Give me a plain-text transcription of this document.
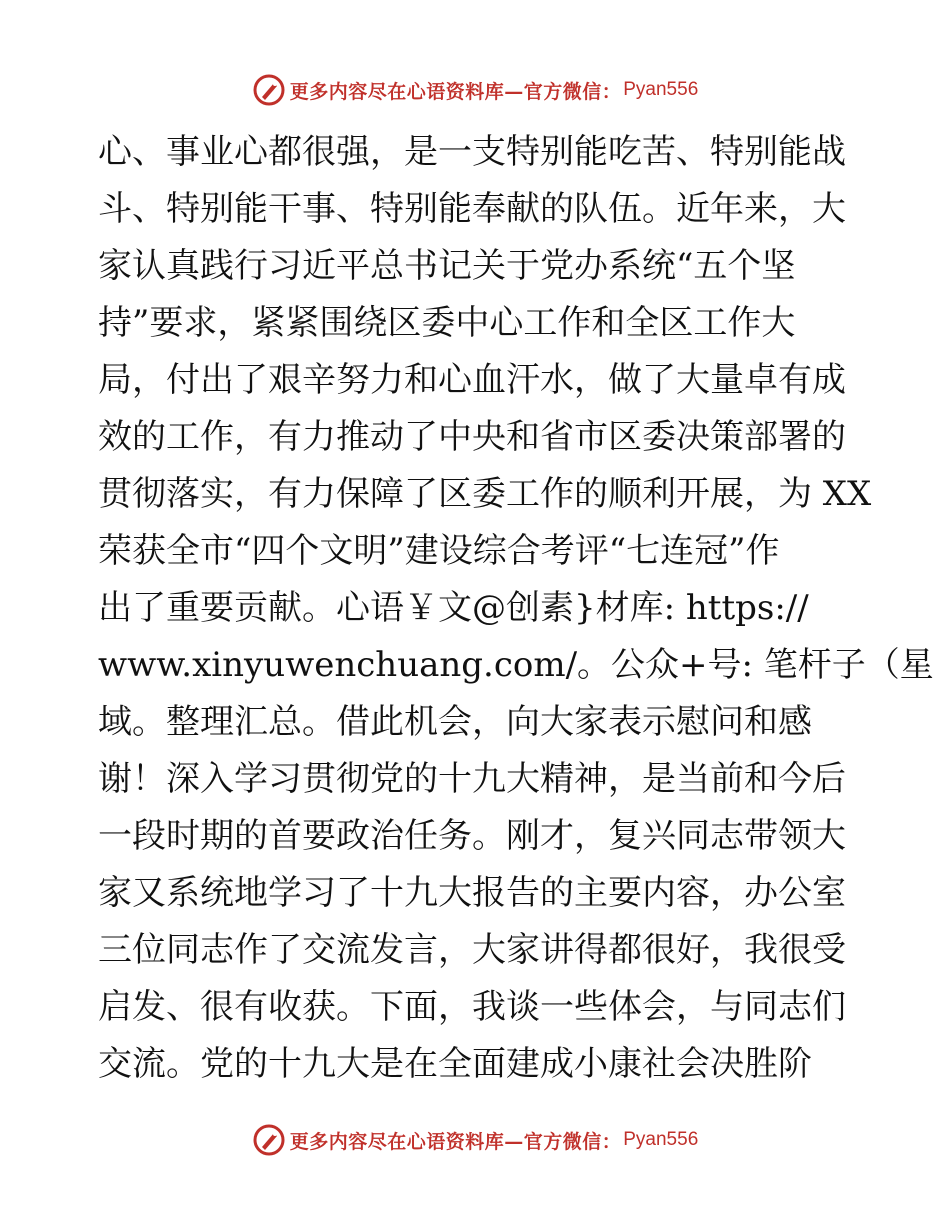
更多内容尽在心语资料库—官方微信： Pyan556
心、事业心都很强，是一支特别能吃苦、特别能战
斗、特别能干事、特别能奉献的队伍。近年来，大
家认真践行习近平总书记关于党办系统“五个坚
持”要求，紧紧围绕区委中心工作和全区工作大
局，付出了艰辛努力和心血汗水，做了大量卓有成
效的工作，有力推动了中央和省市区委决策部署的
贯彻落实，有力保障了区委工作的顺利开展，为 XX
荣获全市“四个文明”建设综合考评“七连冠”作
出了重要贡献。心语￥文@创素}材库: https://
www.xinyuwenchuang.com/。公众+号: 笔杆子（星
域。整理汇总。借此机会，向大家表示慰问和感
谢！深入学习贯彻党的十九大精神，是当前和今后
一段时期的首要政治任务。刚才，复兴同志带领大
家又系统地学习了十九大报告的主要内容，办公室
三位同志作了交流发言，大家讲得都很好，我很受
启发、很有收获。下面，我谈一些体会，与同志们
交流。党的十九大是在全面建成小康社会决胜阶
更多内容尽在心语资料库—官方微信： Pyan556
